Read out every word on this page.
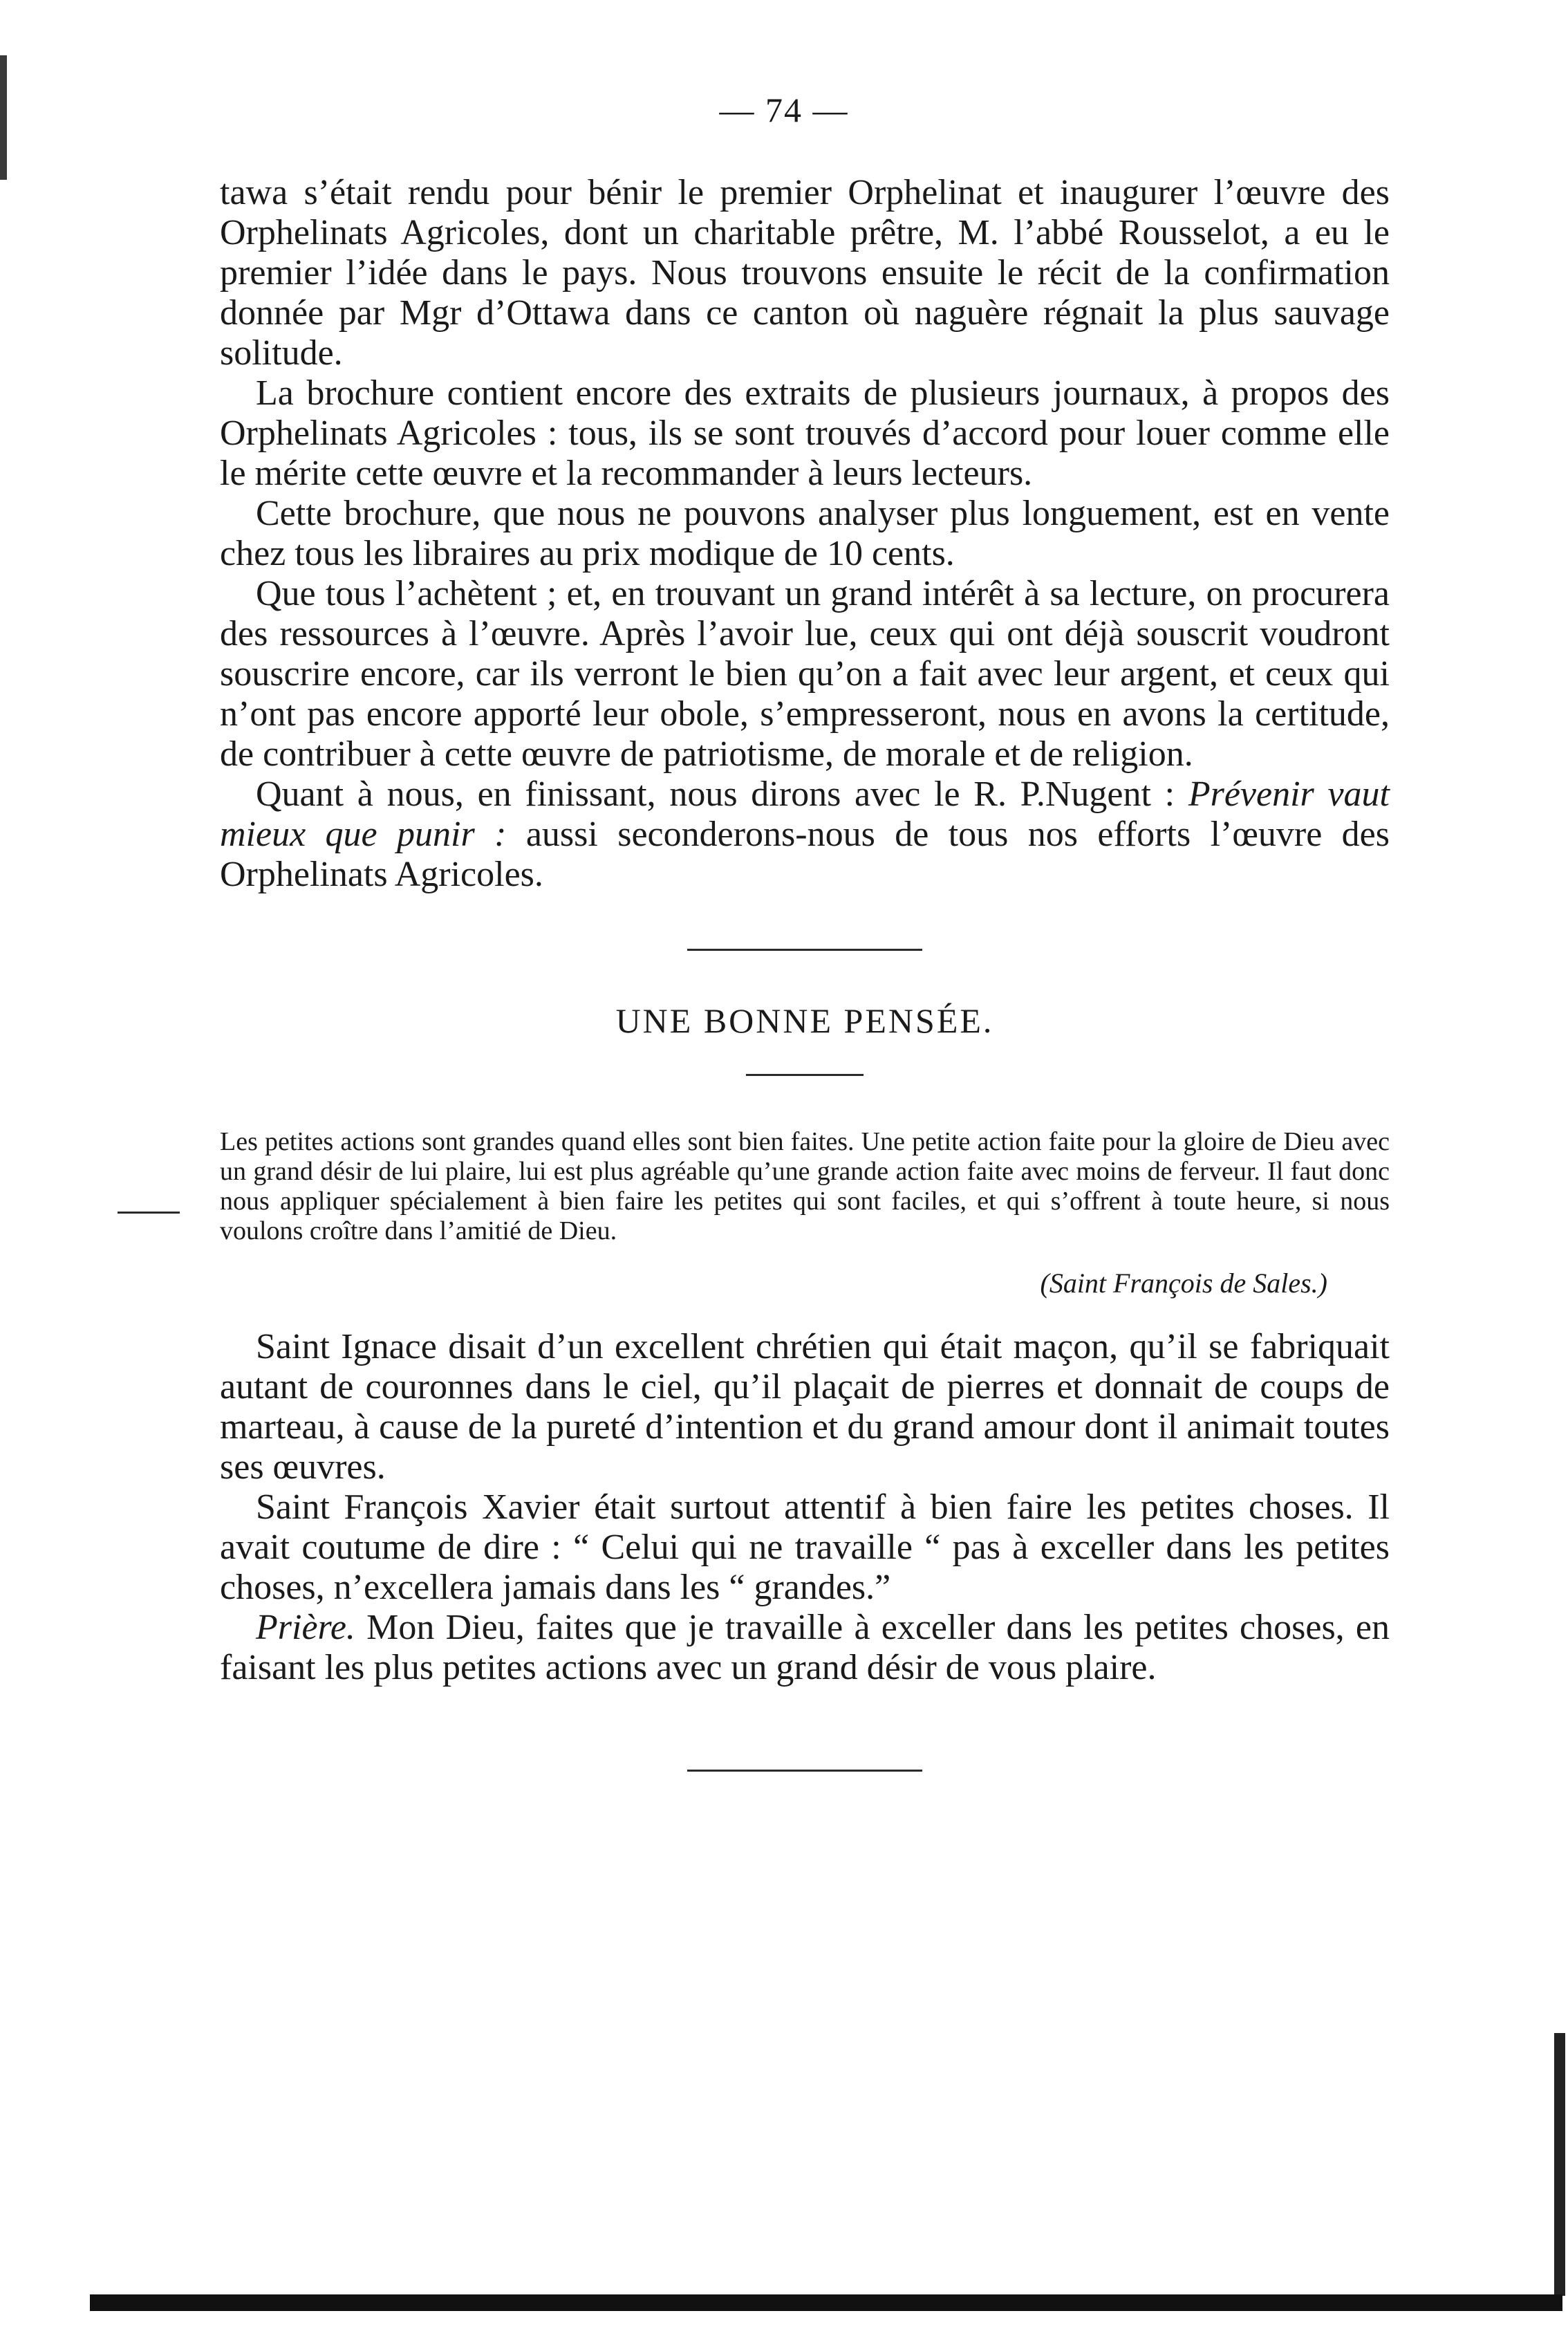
— 74 —

tawa s’était rendu pour bénir le premier Orphelinat et inaugurer l’œuvre des Orphelinats Agricoles, dont un charitable prêtre, M. l’abbé Rousselot, a eu le premier l’idée dans le pays. Nous trouvons ensuite le récit de la confirmation donnée par Mgr d’Ottawa dans ce canton où naguère régnait la plus sauvage solitude.

La brochure contient encore des extraits de plusieurs journaux, à propos des Orphelinats Agricoles : tous, ils se sont trouvés d’accord pour louer comme elle le mérite cette œuvre et la recommander à leurs lecteurs.

Cette brochure, que nous ne pouvons analyser plus longuement, est en vente chez tous les libraires au prix modique de 10 cents.

Que tous l’achètent ; et, en trouvant un grand intérêt à sa lecture, on procurera des ressources à l’œuvre. Après l’avoir lue, ceux qui ont déjà souscrit voudront souscrire encore, car ils verront le bien qu’on a fait avec leur argent, et ceux qui n’ont pas encore apporté leur obole, s’empresseront, nous en avons la certitude, de contribuer à cette œuvre de patriotisme, de morale et de religion.

Quant à nous, en finissant, nous dirons avec le R. P.Nugent : Prévenir vaut mieux que punir : aussi seconderons-nous de tous nos efforts l’œuvre des Orphelinats Agricoles.

UNE BONNE PENSÉE.

Les petites actions sont grandes quand elles sont bien faites. Une petite action faite pour la gloire de Dieu avec un grand désir de lui plaire, lui est plus agréable qu’une grande action faite avec moins de ferveur. Il faut donc nous appliquer spécialement à bien faire les petites qui sont faciles, et qui s’offrent à toute heure, si nous voulons croître dans l’amitié de Dieu.

(Saint François de Sales.)

Saint Ignace disait d’un excellent chrétien qui était maçon, qu’il se fabriquait autant de couronnes dans le ciel, qu’il plaçait de pierres et donnait de coups de marteau, à cause de la pureté d’intention et du grand amour dont il animait toutes ses œuvres.

Saint François Xavier était surtout attentif à bien faire les petites choses. Il avait coutume de dire : “ Celui qui ne travaille “ pas à exceller dans les petites choses, n’excellera jamais dans les “ grandes.”

Prière. Mon Dieu, faites que je travaille à exceller dans les petites choses, en faisant les plus petites actions avec un grand désir de vous plaire.
